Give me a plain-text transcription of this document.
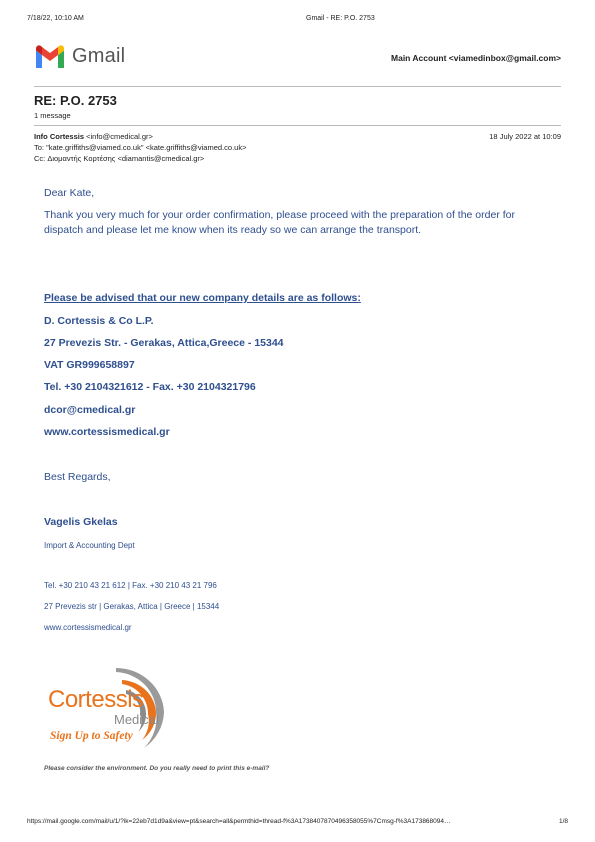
7/18/22, 10:10 AM	Gmail - RE: P.O. 2753
Gmail	Main Account <viamedinbox@gmail.com>
RE: P.O. 2753
1 message
Info Cortessis <info@cmedical.gr>	18 July 2022 at 10:09
To: "kate.griffiths@viamed.co.uk" <kate.griffiths@viamed.co.uk>
Cc: Διομαντής Κορτέσης <diamantis@cmedical.gr>
Dear Kate,
Thank you very much for your order confirmation, please proceed with the preparation of the order for dispatch and please let me know when its ready so we can arrange the transport.
Please be advised that our new company details are as follows:
D. Cortessis & Co L.P.
27 Prevezis Str. - Gerakas, Attica,Greece - 15344
VAT GR999658897
Tel. +30 2104321612 - Fax. +30 2104321796
dcor@cmedical.gr
www.cortessismedical.gr
Best Regards,
Vagelis Gkelas
Import & Accounting Dept
Tel. +30 210 43 21 612 | Fax. +30 210 43 21 796
27 Prevezis str | Gerakas, Attica | Greece | 15344
www.cortessismedical.gr
Cortessis
Medical
Sign Up to Safety
Please consider the environment. Do you really need to print this e-mail?
https://mail.google.com/mail/u/1/?ik=22eb7d1d9a&view=pt&search=all&permthid=thread-f%3A1738407870496358055%7Cmsg-f%3A173868094…	1/8
